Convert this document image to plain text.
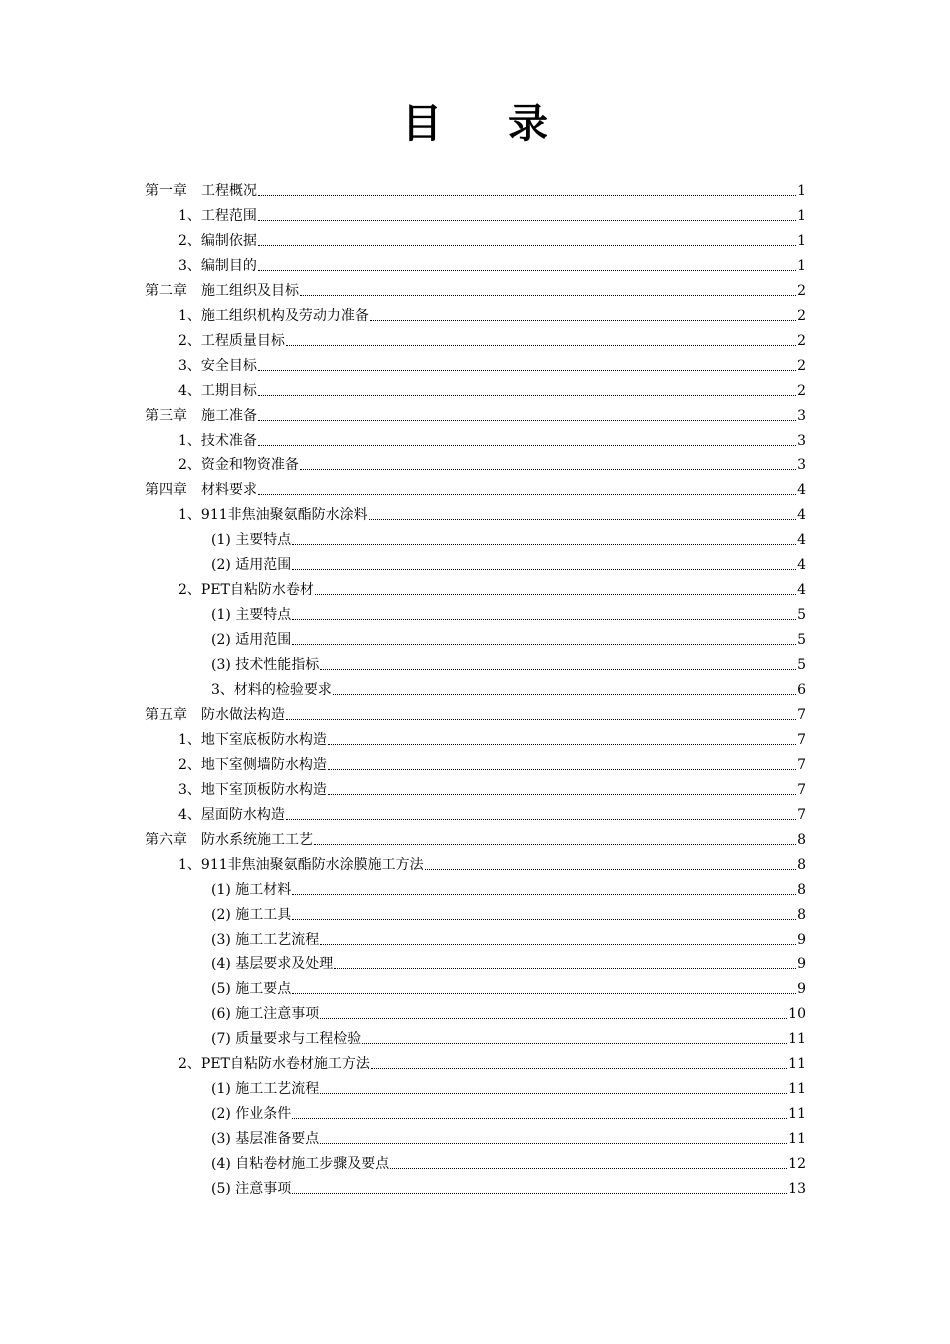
目 录
第一章　工程概况	1
1、工程范围	1
2、编制依据	1
3、编制目的	1
第二章　施工组织及目标	2
1、施工组织机构及劳动力准备	2
2、工程质量目标	2
3、安全目标	2
4、工期目标	2
第三章　施工准备	3
1、技术准备	3
2、资金和物资准备	3
第四章　材料要求	4
1、911非焦油聚氨酯防水涂料	4
(1) 主要特点	4
(2) 适用范围	4
2、PET自粘防水卷材	4
(1) 主要特点	5
(2) 适用范围	5
(3) 技术性能指标	5
3、材料的检验要求	6
第五章　防水做法构造	7
1、地下室底板防水构造	7
2、地下室侧墙防水构造	7
3、地下室顶板防水构造	7
4、屋面防水构造	7
第六章　防水系统施工工艺	8
1、911非焦油聚氨酯防水涂膜施工方法	8
(1) 施工材料	8
(2) 施工工具	8
(3) 施工工艺流程	9
(4) 基层要求及处理	9
(5) 施工要点	9
(6) 施工注意事项	10
(7) 质量要求与工程检验	11
2、PET自粘防水卷材施工方法	11
(1) 施工工艺流程	11
(2) 作业条件	11
(3) 基层准备要点	11
(4) 自粘卷材施工步骤及要点	12
(5) 注意事项	13
